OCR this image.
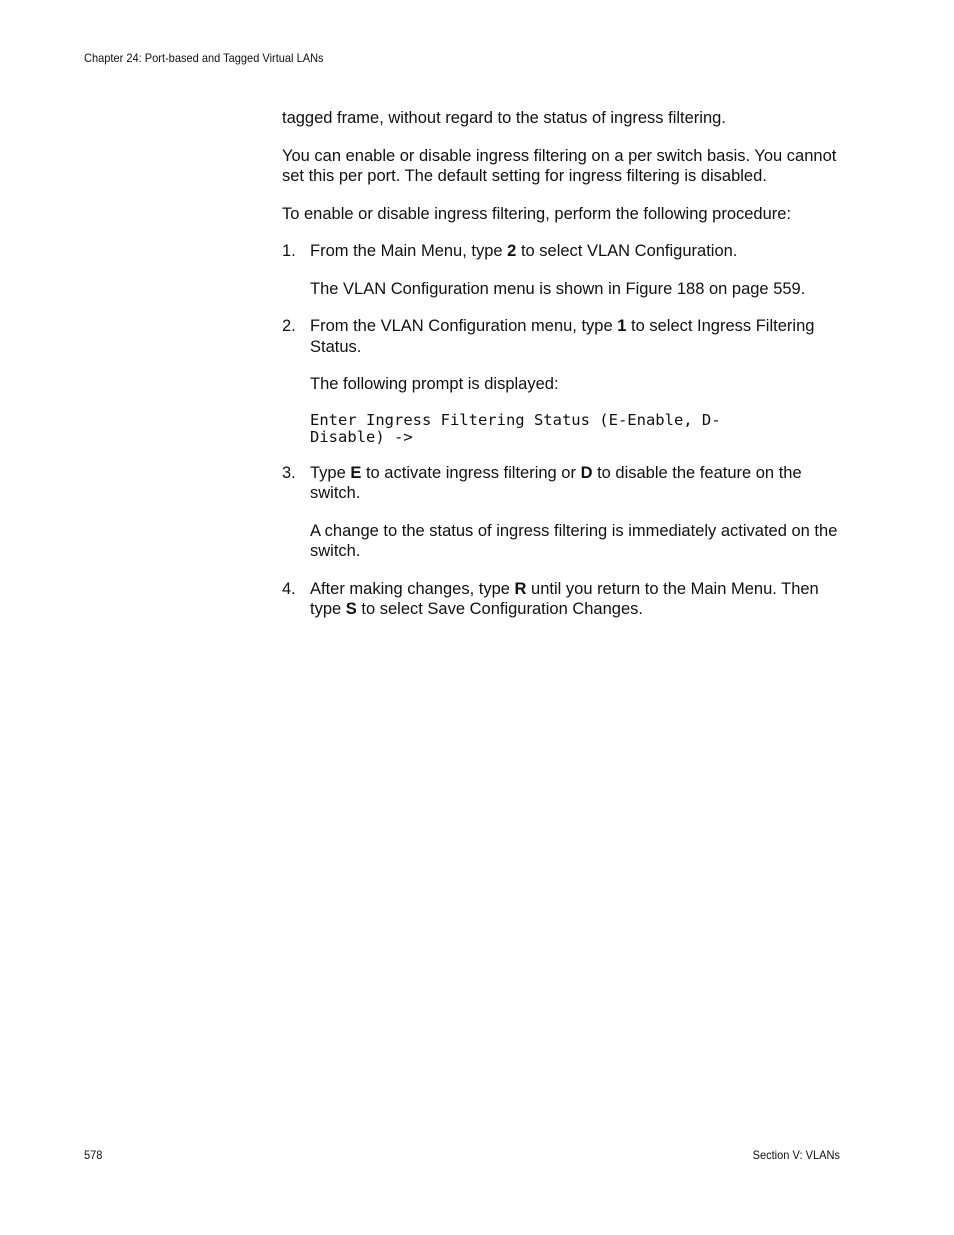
Chapter 24: Port-based and Tagged Virtual LANs

tagged frame, without regard to the status of ingress filtering.

You can enable or disable ingress filtering on a per switch basis. You cannot set this per port. The default setting for ingress filtering is disabled.

To enable or disable ingress filtering, perform the following procedure:

1. From the Main Menu, type 2 to select VLAN Configuration.

The VLAN Configuration menu is shown in Figure 188 on page 559.

2. From the VLAN Configuration menu, type 1 to select Ingress Filtering Status.

The following prompt is displayed:

Enter Ingress Filtering Status (E-Enable, D-Disable) ->

3. Type E to activate ingress filtering or D to disable the feature on the switch.

A change to the status of ingress filtering is immediately activated on the switch.

4. After making changes, type R until you return to the Main Menu. Then type S to select Save Configuration Changes.

578	Section V: VLANs
